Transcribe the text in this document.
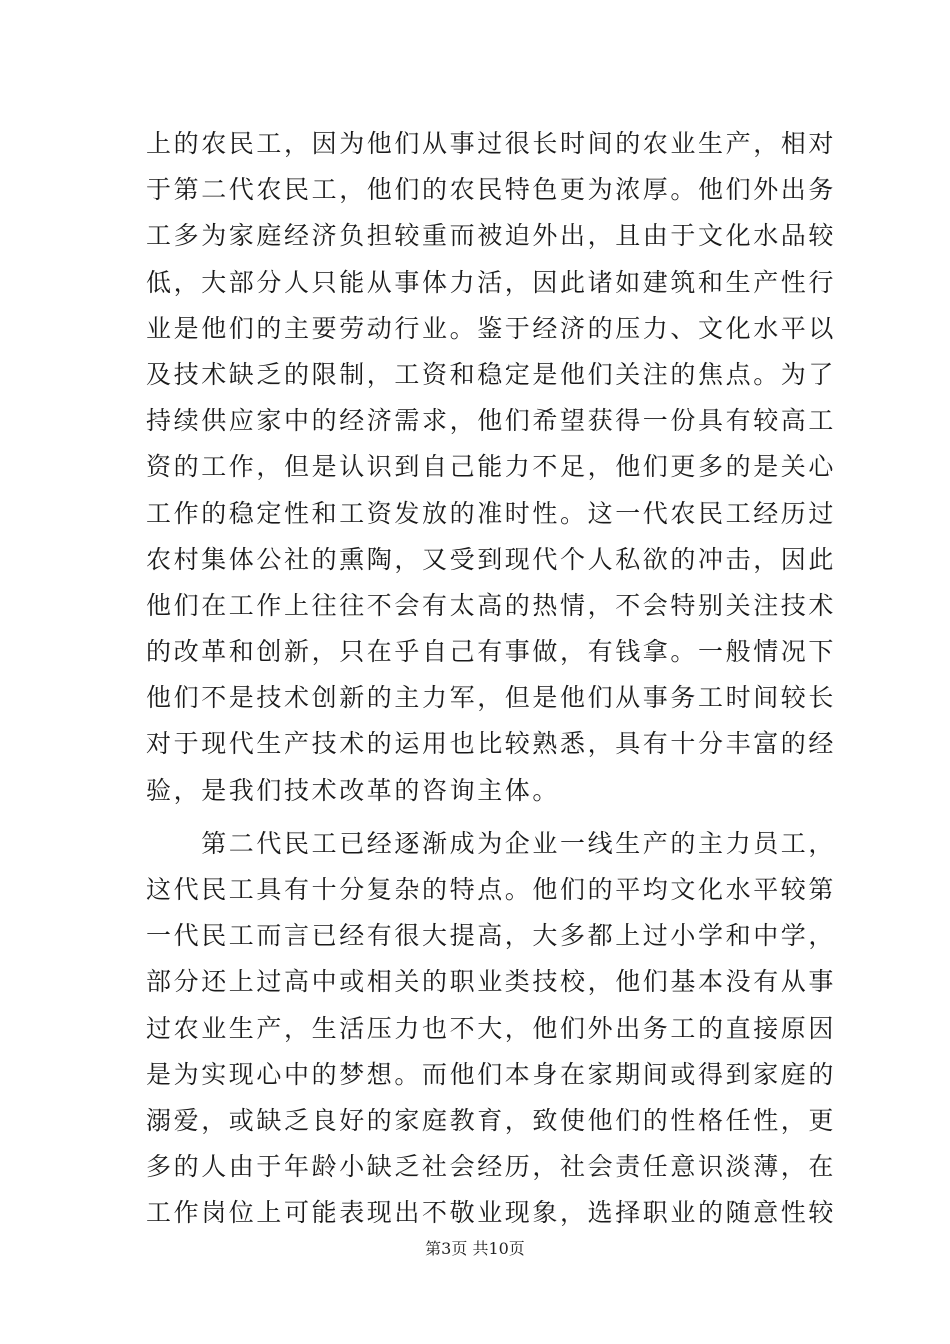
上的农民工，因为他们从事过很长时间的农业生产，相对
于第二代农民工，他们的农民特色更为浓厚。他们外出务
工多为家庭经济负担较重而被迫外出，且由于文化水品较
低，大部分人只能从事体力活，因此诸如建筑和生产性行
业是他们的主要劳动行业。鉴于经济的压力、文化水平以
及技术缺乏的限制，工资和稳定是他们关注的焦点。为了
持续供应家中的经济需求，他们希望获得一份具有较高工
资的工作，但是认识到自己能力不足，他们更多的是关心
工作的稳定性和工资发放的准时性。这一代农民工经历过
农村集体公社的熏陶，又受到现代个人私欲的冲击，因此
他们在工作上往往不会有太高的热情，不会特别关注技术
的改革和创新，只在乎自己有事做，有钱拿。一般情况下
他们不是技术创新的主力军，但是他们从事务工时间较长
对于现代生产技术的运用也比较熟悉，具有十分丰富的经
验，是我们技术改革的咨询主体。
　　第二代民工已经逐渐成为企业一线生产的主力员工，
这代民工具有十分复杂的特点。他们的平均文化水平较第
一代民工而言已经有很大提高，大多都上过小学和中学，
部分还上过高中或相关的职业类技校，他们基本没有从事
过农业生产，生活压力也不大，他们外出务工的直接原因
是为实现心中的梦想。而他们本身在家期间或得到家庭的
溺爱，或缺乏良好的家庭教育，致使他们的性格任性，更
多的人由于年龄小缺乏社会经历，社会责任意识淡薄，在
工作岗位上可能表现出不敬业现象，选择职业的随意性较
第3页 共10页
